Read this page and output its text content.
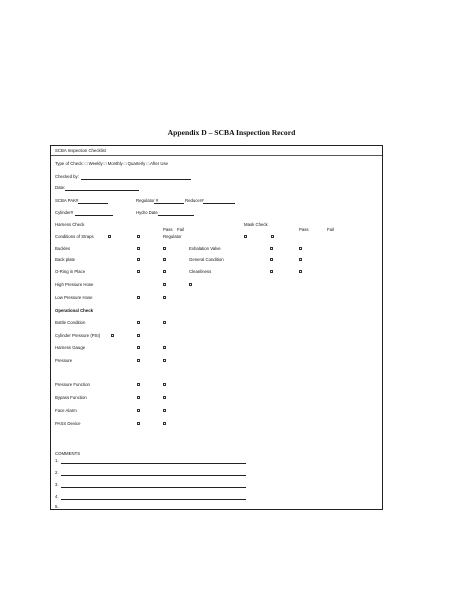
Appendix D – SCBA Inspection Record
SCBA Inspection Checklist
Type of Check: □ Weekly □ Monthly □ Quarterly □ After Use
Checked by:
Date:
SCBA PAK#	Regulator #	Reducer#
Cylinder#	Hydro Date
Harness Check	Mask Check
Pass Fail	Pass	Fail
Conditions of Straps	Regulator
Buckles	Exhalation Valve
Back plate	General Condition
O-Ring in Place	Cleanliness
High Pressure Hose
Low Pressure Hose
Operational Check
Bottle Condition
Cylinder Pressure (PSI)
Harness Gauge
Pressure
Pressure Function
Bypass Function
Face Alarm
PASS Device
COMMENTS
1.
2.
3.
4.
5.
